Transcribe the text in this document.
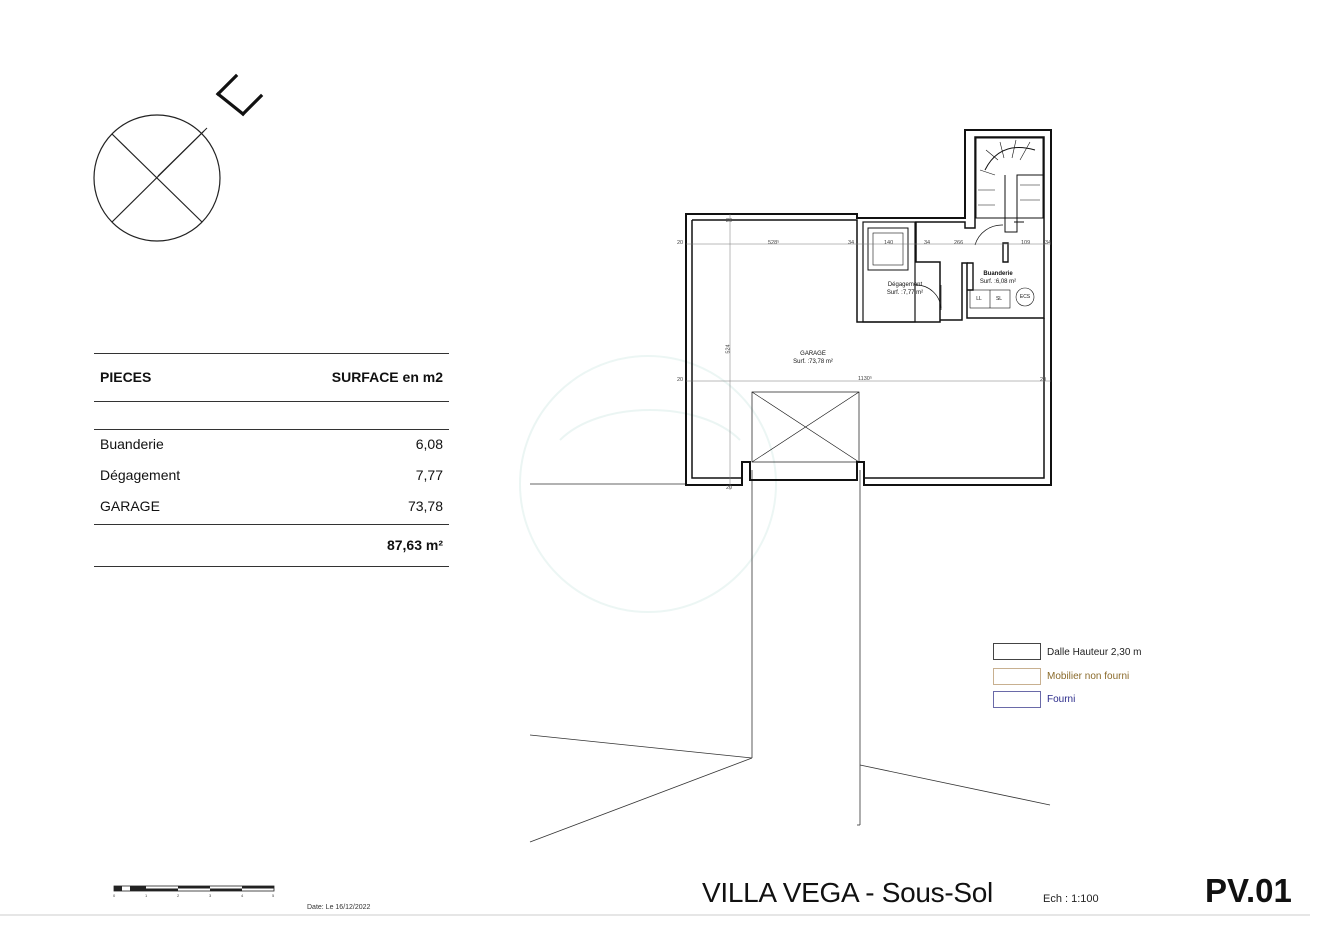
PIECES	SURFACE en m2
Buanderie	6,08
Dégagement	7,77
GARAGE	73,78
87,63 m²
GARAGE
Surf. :73,78 m²
Dégagement
Surf. :7,77 m²
Buanderie
Surf. :6,08 m²
LL	SL	ECS
20	528⁵	34	140	34	266	109	34
20
524
1130⁵
20	20
20
Dalle Hauteur 2,30 m
Mobilier non fourni
Fourni
0	1	2	3	4	5
Date: Le 16/12/2022	VILLA VEGA - Sous-Sol	Ech : 1:100	PV.01
